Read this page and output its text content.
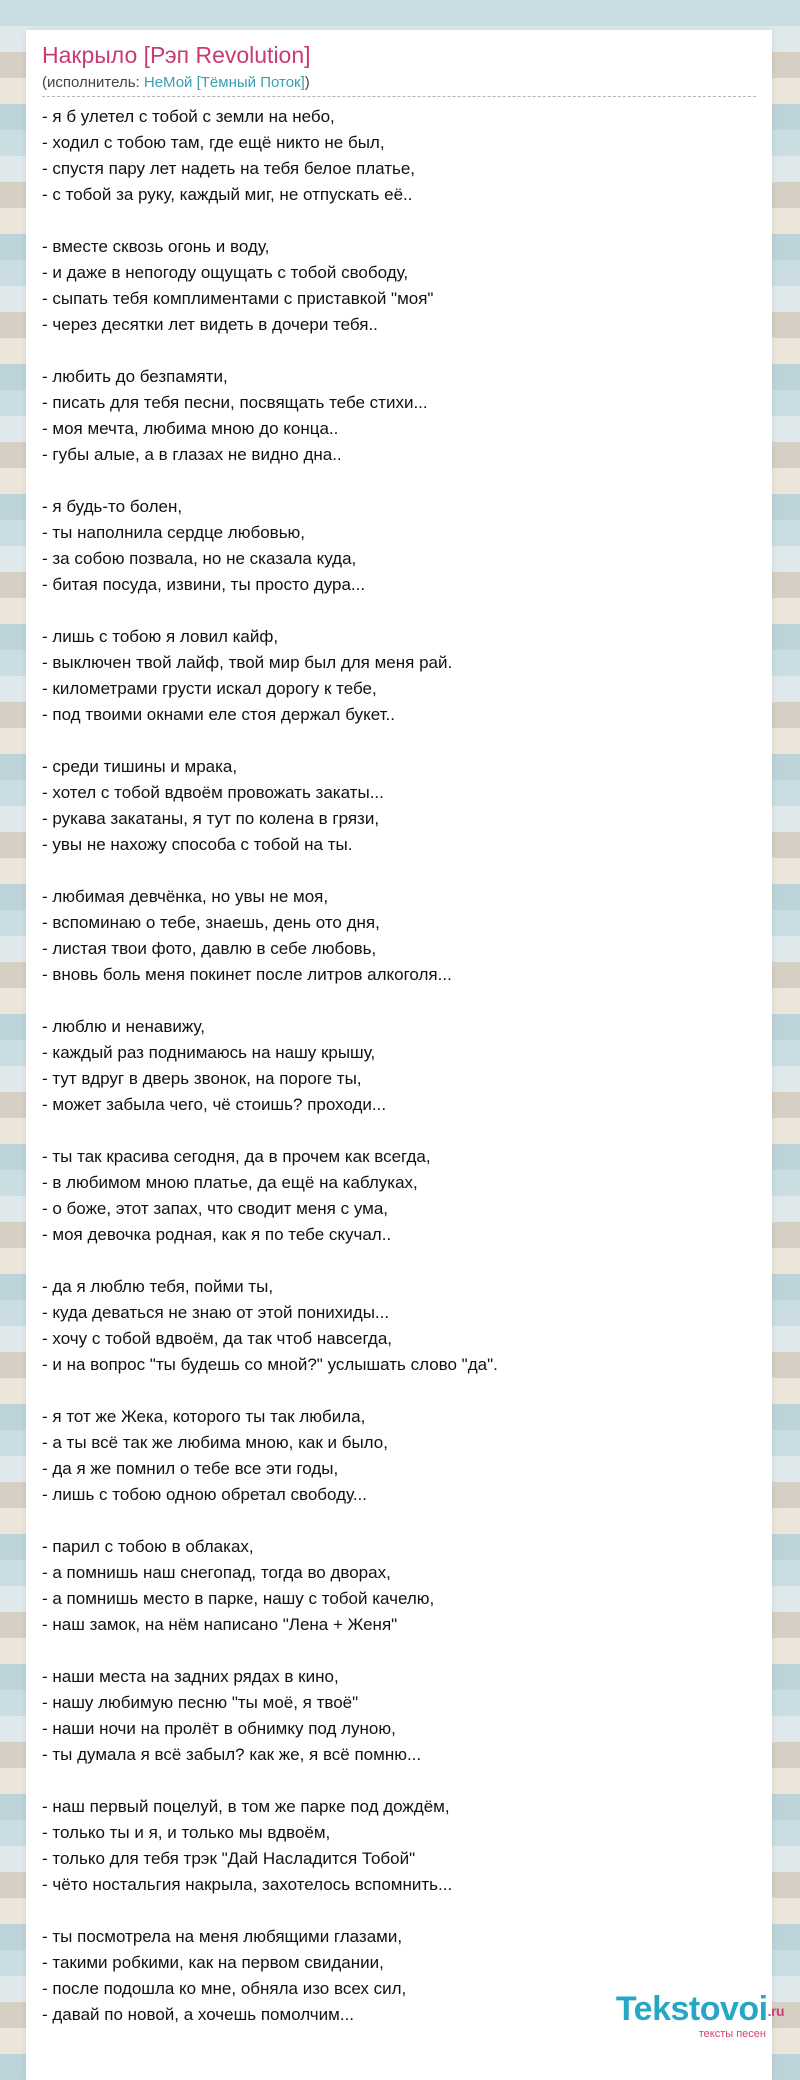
Накрыло [Рэп Revolution]
(исполнитель: НеМой [Тёмный Поток])
- я б улетел с тобой с земли на небо,
- ходил с тобою там, где ещё никто не был,
- спустя пару лет надеть на тебя белое платье,
- с тобой за руку, каждый миг, не отпускать её..
- вместе сквозь огонь и воду,
- и даже в непогоду ощущать с тобой свободу,
- сыпать тебя комплиментами с приставкой "моя"
- через десятки лет видеть в дочери тебя..
- любить до безпамяти,
- писать для тебя песни, посвящать тебе стихи...
- моя мечта, любима мною до конца..
- губы алые, а в глазах не видно дна..
- я будь-то болен,
- ты наполнила сердце любовью,
- за собою позвала, но не сказала куда,
- битая посуда, извини, ты просто дура...
- лишь с тобою я ловил кайф,
- выключен твой лайф, твой мир был для меня рай.
- километрами грусти искал дорогу к тебе,
- под твоими окнами еле стоя держал букет..
- среди тишины и мрака,
- хотел с тобой вдвоём провожать закаты...
- рукава закатаны, я тут по колена в грязи,
- увы не нахожу способа с тобой на ты.
- любимая девчёнка, но увы не моя,
- вспоминаю о тебе, знаешь, день ото дня,
- листая твои фото, давлю в себе любовь,
- вновь боль меня покинет после литров алкоголя...
- люблю и ненавижу,
- каждый раз поднимаюсь на нашу крышу,
- тут вдруг в дверь звонок, на пороге ты,
- может забыла чего, чё стоишь? проходи...
- ты так красива сегодня, да в прочем как всегда,
- в любимом мною платье, да ещё на каблуках,
- о боже, этот запах, что сводит меня с ума,
- моя девочка родная, как я по тебе скучал..
- да я люблю тебя, пойми ты,
- куда деваться не знаю от этой понихиды...
- хочу с тобой вдвоём, да так чтоб навсегда,
- и на вопрос "ты будешь со мной?" услышать слово "да".
- я тот же Жека, которого ты так любила,
- а ты всё так же любима мною, как и было,
- да я же помнил о тебе все эти годы,
- лишь с тобою одною обретал свободу...
- парил с тобою в облаках,
- а помнишь наш снегопад, тогда во дворах,
- а помнишь место в парке, нашу с тобой качелю,
- наш замок, на нём написано "Лена + Женя"
- наши места на задних рядах в кино,
- нашу любимую песню "ты моё, я твоё"
- наши ночи на пролёт в обнимку под луною,
- ты думала я всё забыл? как же, я всё помню...
- наш первый поцелуй, в том же парке под дождём,
- только ты и я, и только мы вдвоём,
- только для тебя трэк "Дай Насладится Тобой"
- чёто ностальгия накрыла, захотелось вспомнить...
- ты посмотрела на меня любящими глазами,
- такими робкими, как на первом свидании,
- после подошла ко мне, обняла изо всех сил,
- давай по новой, а хочешь помолчим...	Tekstovoi.ru
тексты песен
